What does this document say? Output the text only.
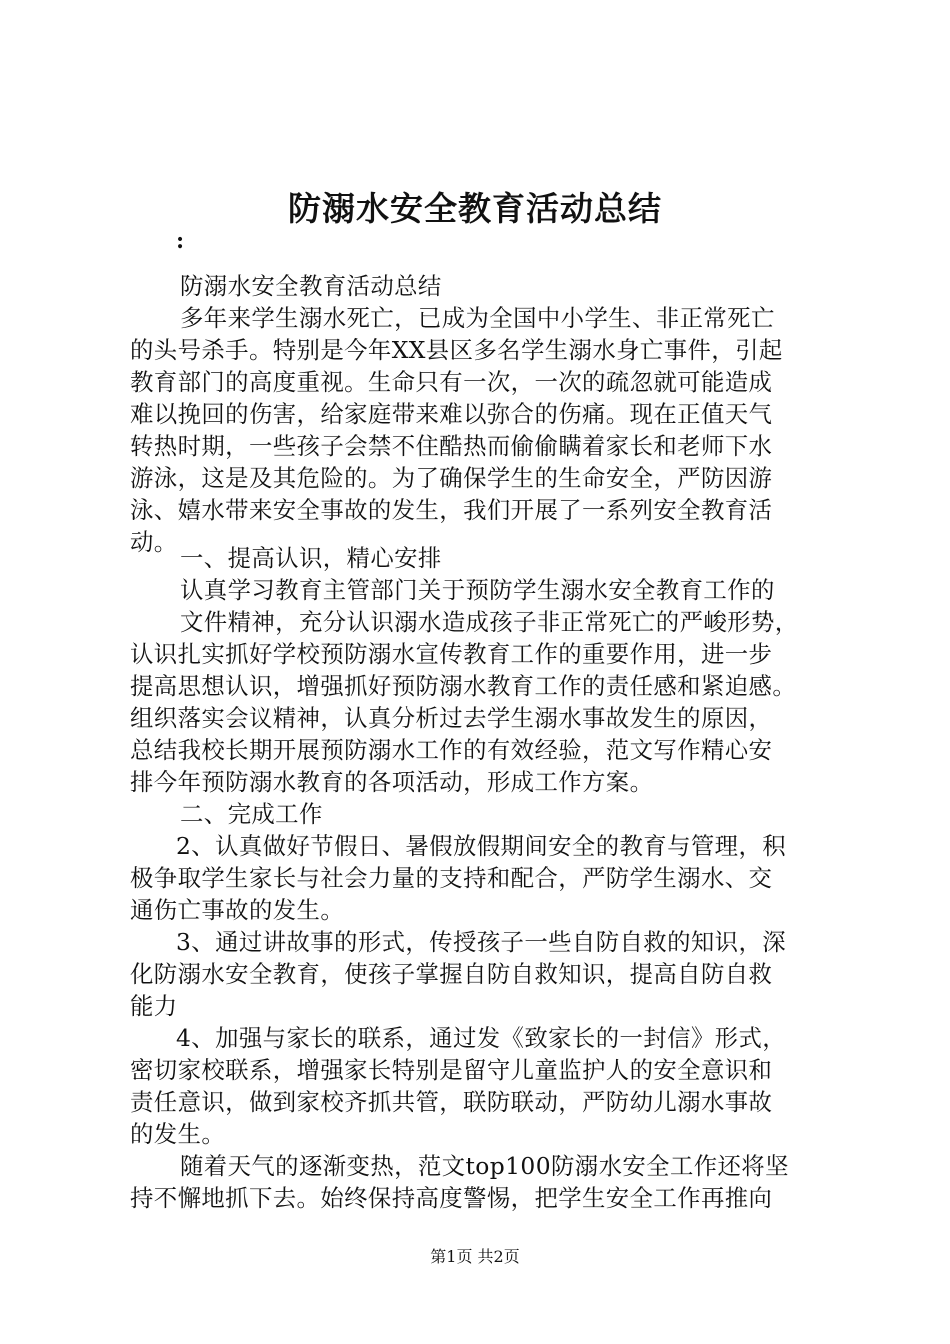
防溺水安全教育活动总结
:
防溺水安全教育活动总结
多年来学生溺水死亡，已成为全国中小学生、非正常死亡
的头号杀手。特别是今年XX县区多名学生溺水身亡事件，引起
教育部门的高度重视。生命只有一次，一次的疏忽就可能造成
难以挽回的伤害，给家庭带来难以弥合的伤痛。现在正值天气
转热时期，一些孩子会禁不住酷热而偷偷瞒着家长和老师下水
游泳，这是及其危险的。为了确保学生的生命安全，严防因游
泳、嬉水带来安全事故的发生，我们开展了一系列安全教育活
动。
一、提高认识，精心安排
认真学习教育主管部门关于预防学生溺水安全教育工作的
文件精神，充分认识溺水造成孩子非正常死亡的严峻形势，
认识扎实抓好学校预防溺水宣传教育工作的重要作用，进一步
提高思想认识，增强抓好预防溺水教育工作的责任感和紧迫感。
组织落实会议精神，认真分析过去学生溺水事故发生的原因，
总结我校长期开展预防溺水工作的有效经验，范文写作精心安
排今年预防溺水教育的各项活动，形成工作方案。
二、完成工作
2、认真做好节假日、暑假放假期间安全的教育与管理，积
极争取学生家长与社会力量的支持和配合，严防学生溺水、交
通伤亡事故的发生。
3、通过讲故事的形式，传授孩子一些自防自救的知识，深
化防溺水安全教育，使孩子掌握自防自救知识，提高自防自救
能力
4、加强与家长的联系，通过发《致家长的一封信》形式，
密切家校联系，增强家长特别是留守儿童监护人的安全意识和
责任意识，做到家校齐抓共管，联防联动，严防幼儿溺水事故
的发生。
随着天气的逐渐变热，范文top100防溺水安全工作还将坚
持不懈地抓下去。始终保持高度警惕，把学生安全工作再推向
第1页 共2页
